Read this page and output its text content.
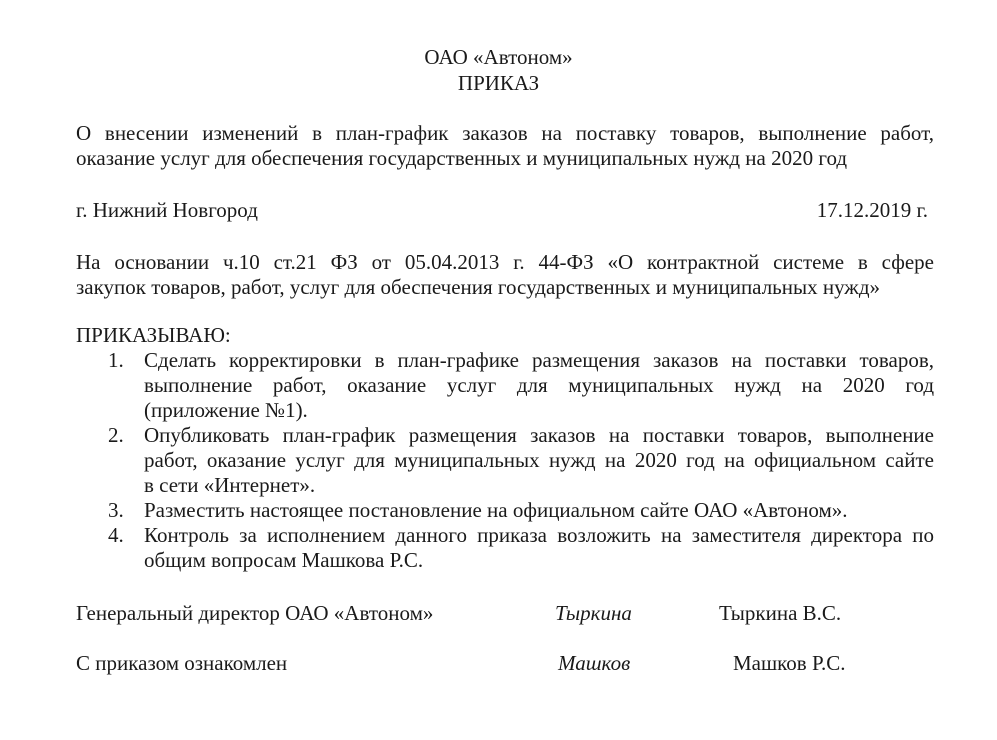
ОАО «Автоном»
ПРИКАЗ
О внесении изменений в план-график заказов на поставку товаров, выполнение работ,
оказание услуг для обеспечения государственных и муниципальных нужд на 2020 год
г. Нижний Новгород	17.12.2019 г.
На основании ч.10 ст.21 ФЗ от 05.04.2013 г. 44-ФЗ «О контрактной системе в сфере
закупок товаров, работ, услуг для обеспечения государственных и муниципальных нужд»
ПРИКАЗЫВАЮ:
1. Сделать корректировки в план-графике размещения заказов на поставки товаров,
выполнение работ, оказание услуг для муниципальных нужд на 2020 год
(приложение №1).
2. Опубликовать план-график размещения заказов на поставки товаров, выполнение
работ, оказание услуг для муниципальных нужд на 2020 год на официальном сайте
в сети «Интернет».
3. Разместить настоящее постановление на официальном сайте ОАО «Автоном».
4. Контроль за исполнением данного приказа возложить на заместителя директора по
общим вопросам Машкова Р.С.
Генеральный директор ОАО «Автоном»	Тыркина	Тыркина В.С.
С приказом ознакомлен	Машков	Машков Р.С.
